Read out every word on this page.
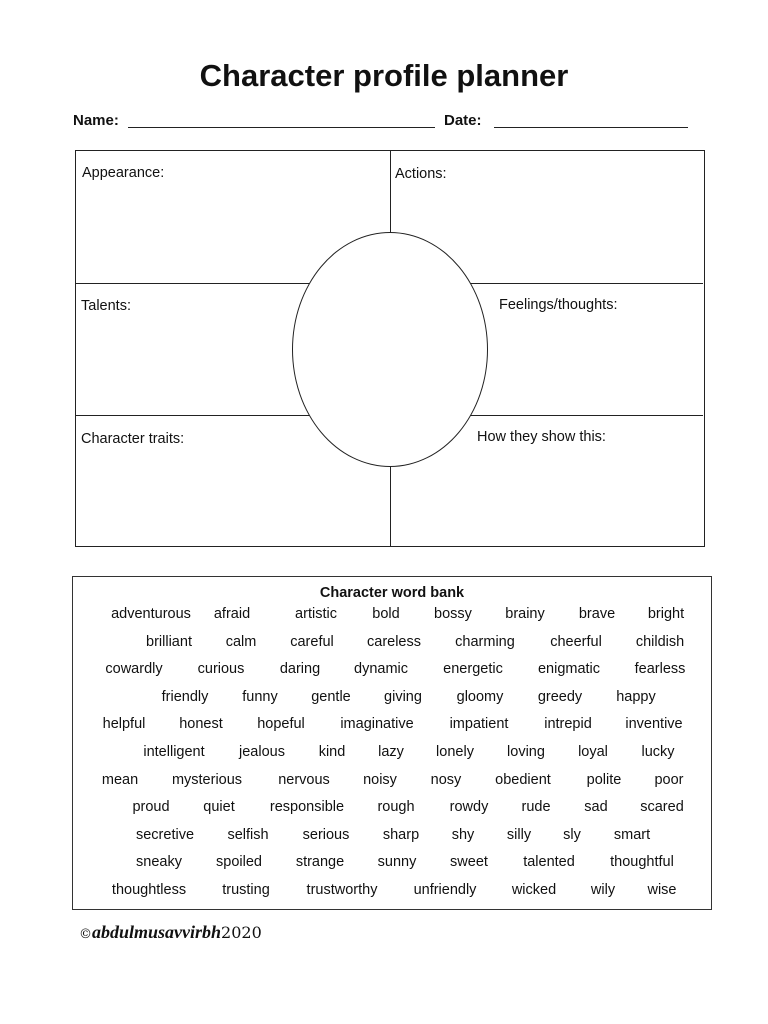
Character profile planner
Name:	Date:
Appearance:	Actions:
Talents:	Feelings/thoughts:
Character traits:	How they show this:
Character word bank
adventurous afraid	artistic bold bossy brainy brave bright
brilliant calm careful careless charming cheerful childish
cowardly curious daring dynamic energetic enigmatic fearless
friendly funny gentle giving gloomy greedy happy
helpful honest hopeful imaginative impatient intrepid inventive
intelligent jealous kind lazy lonely loving loyal lucky
mean mysterious nervous noisy nosy obedient polite poor
proud quiet responsible rough rowdy rude sad scared
secretive selfish serious sharp shy silly sly smart
sneaky spoiled strange sunny sweet talented thoughtful
thoughtless trusting	trustworthy unfriendly wicked wily wise
©abdulmusavvirbh2020
